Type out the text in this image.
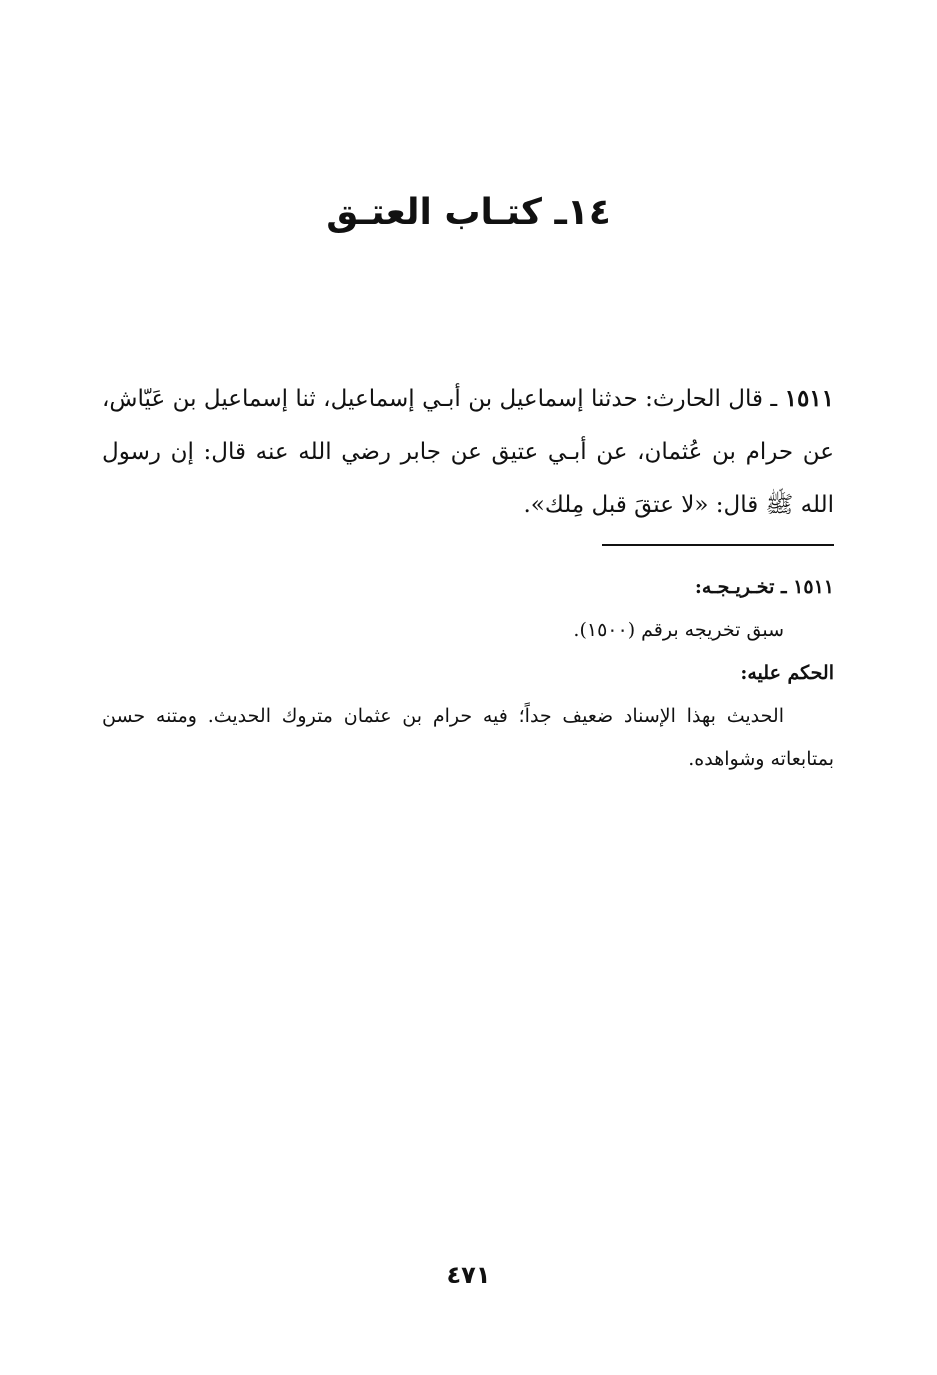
١٤ـ كتـاب العتـق

١٥١١ ـ قال الحارث: حدثنا إسماعيل بن أبـي إسماعيل، ثنا إسماعيل بن عَيّاش، عن حرام بن عُثمان، عن أبـي عتيق عن جابر رضي الله عنه قال: إن رسول الله ﷺ قال: «لا عتقَ قبل مِلك».

١٥١١ ـ تخـريـجـه:

سبق تخريجه برقم (١٥٠٠).

الحكم عليه:

الحديث بهذا الإسناد ضعيف جداً؛ فيه حرام بن عثمان متروك الحديث. ومتنه حسن بمتابعاته وشواهده.

٤٧١
